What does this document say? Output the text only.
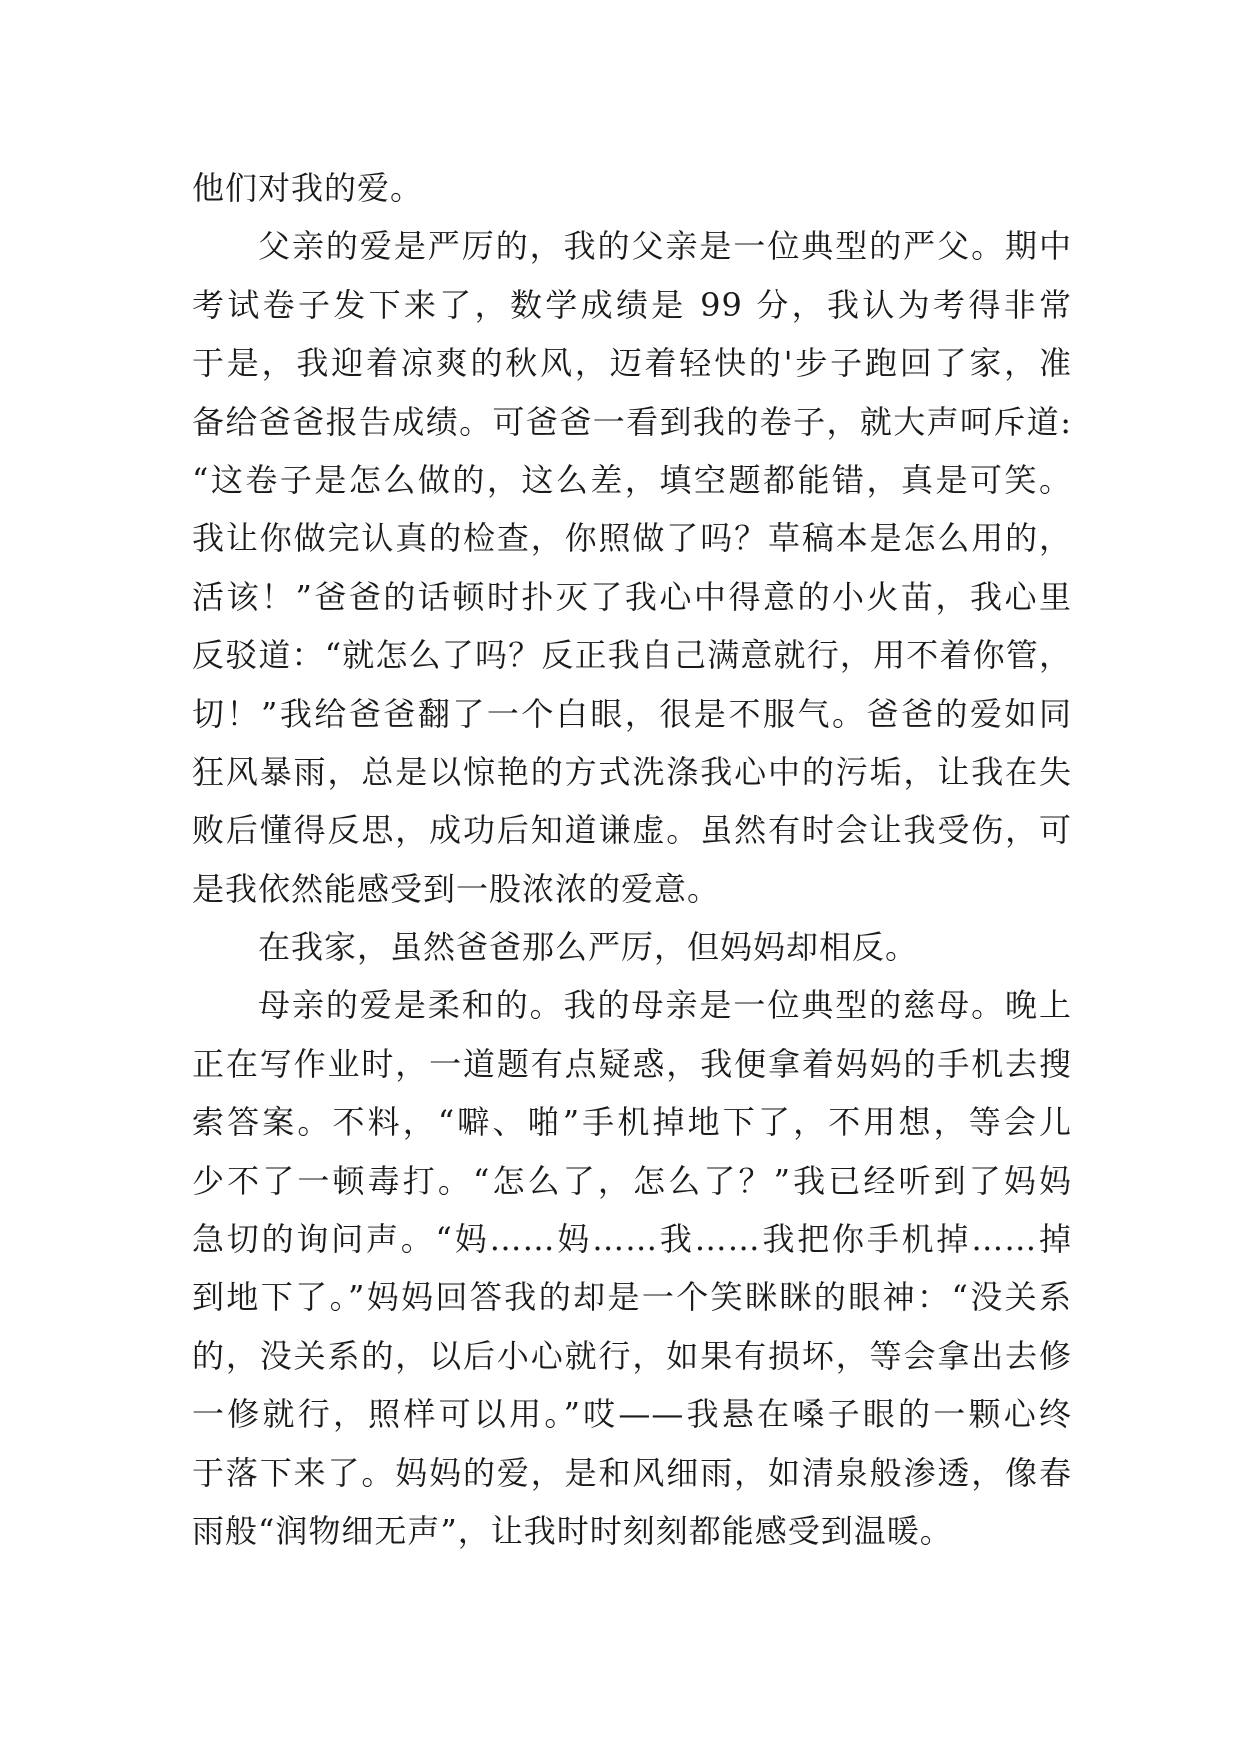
他们对我的爱。
父亲的爱是严厉的，我的父亲是一位典型的严父。期中
考试卷子发下来了，数学成绩是 99 分，我认为考得非常
于是，我迎着凉爽的秋风，迈着轻快的'步子跑回了家，准
备给爸爸报告成绩。可爸爸一看到我的卷子，就大声呵斥道:
“这卷子是怎么做的，这么差，填空题都能错，真是可笑。
我让你做完认真的检查，你照做了吗？草稿本是怎么用的，
活该！”爸爸的话顿时扑灭了我心中得意的小火苗，我心里
反驳道：“就怎么了吗？反正我自己满意就行，用不着你管，
切！”我给爸爸翻了一个白眼，很是不服气。爸爸的爱如同
狂风暴雨，总是以惊艳的方式洗涤我心中的污垢，让我在失
败后懂得反思，成功后知道谦虚。虽然有时会让我受伤，可
是我依然能感受到一股浓浓的爱意。
在我家，虽然爸爸那么严厉，但妈妈却相反。
母亲的爱是柔和的。我的母亲是一位典型的慈母。晚上
正在写作业时，一道题有点疑惑，我便拿着妈妈的手机去搜
索答案。不料，“噼、啪”手机掉地下了，不用想，等会儿
少不了一顿毒打。“怎么了，怎么了？”我已经听到了妈妈
急切的询问声。“妈……妈……我……我把你手机掉……掉
到地下了。”妈妈回答我的却是一个笑眯眯的眼神：“没关系
的，没关系的，以后小心就行，如果有损坏，等会拿出去修
一修就行，照样可以用。”哎——我悬在嗓子眼的一颗心终
于落下来了。妈妈的爱，是和风细雨，如清泉般渗透，像春
雨般“润物细无声”，让我时时刻刻都能感受到温暖。
